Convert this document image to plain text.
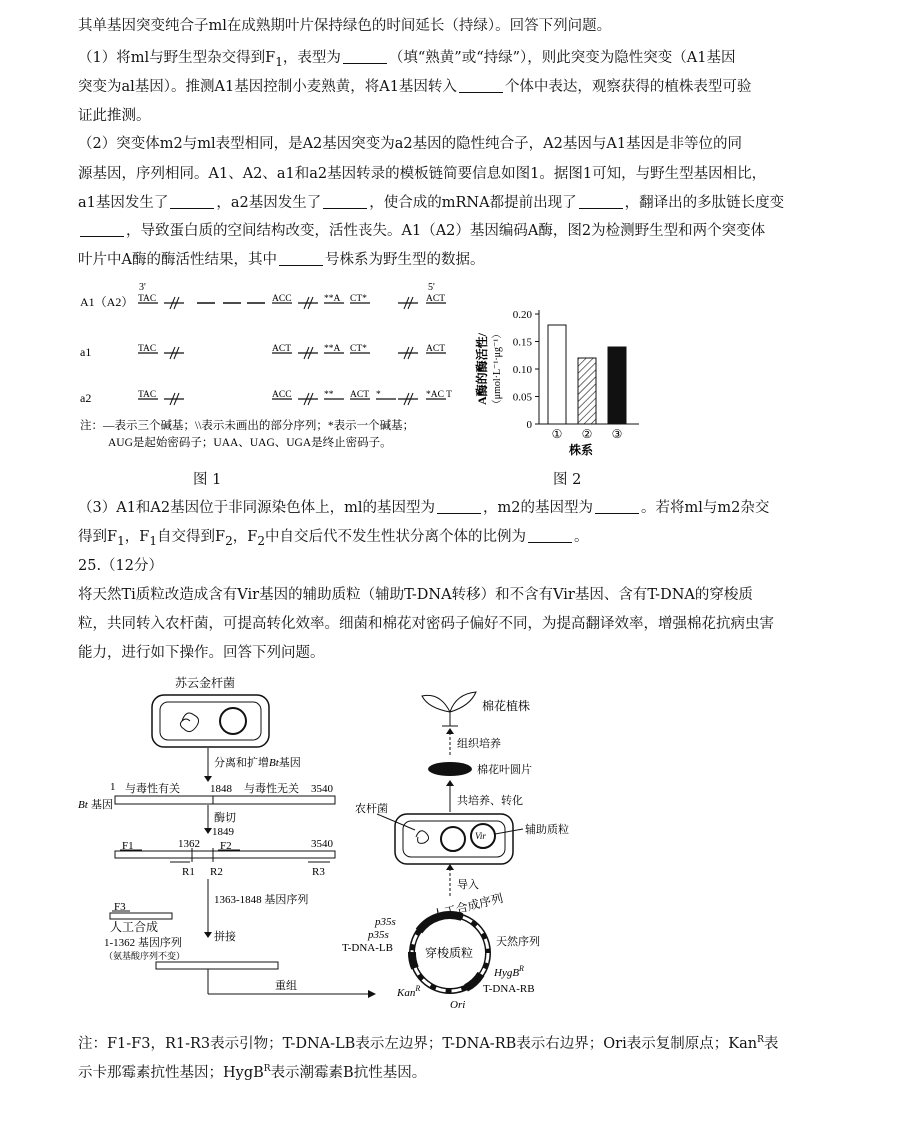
其单基因突变纯合子ml在成熟期叶片保持绿色的时间延长（持绿）。回答下列问题。

（1）将ml与野生型杂交得到$F_1$，表型为	（填“熟黄”或“持绿”），则此突变为隐性突变（A1基因

突变为al基因）。推测A1基因控制小麦熟黄，将A1基因转入	个体中表达，观察获得的植株表型可验

证此推测。

（2）突变体m2与ml表型相同，是A2基因突变为a2基因的隐性纯合子，A2基因与A1基因是非等位的同

源基因，序列相同。A1、A2、a1和a2基因转录的模板链简要信息如图1。据图1可知，与野生型基因相比，

a1基因发生了	，a2基因发生了	，使合成的mRNA都提前出现了	，翻译出的多肽链长度变

，导致蛋白质的空间结构改变，活性丧失。A1（A2）基因编码A酶，图2为检测野生型和两个突变体

叶片中A酶的酶活性结果，其中	号株系为野生型的数据。

3'	5'
A1（A2） TAC	ACC	**A CT*	ACT
a1	TAC	ACT	**A CT*	ACT
a2	TAC	ACC	** ACT *	*AC T
注：—表示三个碱基；\\表示未画出的部分序列；*表示一个碱基；
AUG是起始密码子；UAA、UAG、UGA是终止密码子。
图 1
0
0.05
0.10
0.15
0.20
① ② ③
株系
A酶的酶活性/ （μmol·L⁻¹·μg⁻¹）
图 2

（3）A1和A2基因位于非同源染色体上，ml的基因型为	，m2的基因型为	。若将ml与m2杂交

得到$F_1$，$F_1$自交得到$F_2$，$F_2$中自交后代不发生性状分离个体的比例为	。

25.（12分）

将天然Ti质粒改造成含有Vir基因的辅助质粒（辅助T-DNA转移）和不含有Vir基因、含有T-DNA的穿梭质

粒，共同转入农杆菌，可提高转化效率。细菌和棉花对密码子偏好不同，为提高翻译效率，增强棉花抗病虫害

能力，进行如下操作。回答下列问题。

苏云金杆菌
分离和扩增Bt基因
1 与毒性有关	1848 与毒性无关 3540
Bt 基因
酶切
1849
1362	3540
F1	F2
R1 R2	R3
1363-1848 基因序列
F3
人工合成
1-1362 基因序列
（氨基酸序列不变）
拼接
重组
棉花植株
组织培养
棉花叶圆片
共培养、转化
Vir
农杆菌
辅助质粒
导入
人工合成序列
穿梭质粒
p35s
p35s
T-DNA-LB	天然序列
HygB$^R$
T-DNA-RB
Kan$^R$
Ori

注：F1-F3，R1-R3表示引物；T-DNA-LB表示左边界；T-DNA-RB表示右边界；Ori表示复制原点；Kan$^R$表

示卡那霉素抗性基因；HygB$^R$表示潮霉素B抗性基因。
